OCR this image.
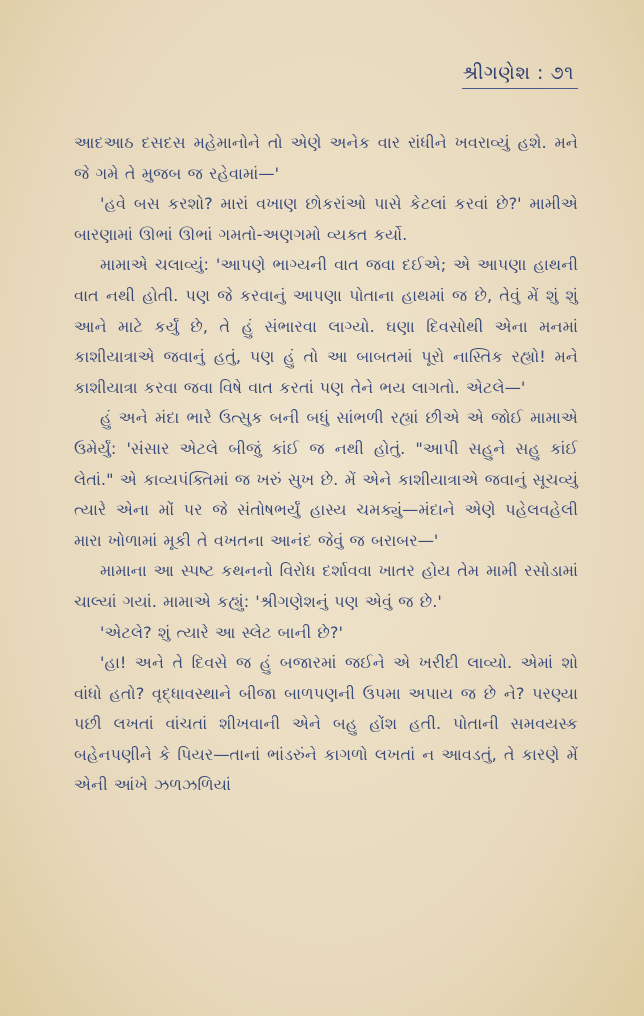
શ્રીગણેશ : ૭૧

આદઆઠ દસદસ મહેમાનોને તો એણે અનેક વાર રાંધીને ખવરાવ્યું હશે. મને જે ગમે તે મુજબ જ રહેવામાં—'

'હવે બસ કરશો? મારાં વખાણ છોકરાંઓ પાસે કેટલાં કરવાં છે?' મામીએ બારણામાં ઊભાં ઊભાં ગમતો-અણગમો વ્યક્ત કર્યો.

મામાએ ચલાવ્યું: 'આપણે ભાગ્યની વાત જવા દઈએ; એ આપણા હાથની વાત નથી હોતી. પણ જે કરવાનું આપણા પોતાના હાથમાં જ છે, તેવું મેં શું શું આને માટે કર્યું છે, તે હું સંભારવા લાગ્યો. ઘણા દિવસોથી એના મનમાં કાશીયાત્રાએ જવાનું હતું, પણ હું તો આ બાબતમાં પૂરો નાસ્તિક રહ્યો! મને કાશીયાત્રા કરવા જવા વિષે વાત કરતાં પણ તેને ભય લાગતો. એટલે—'

હું અને મંદા ભારે ઉત્સુક બની બધું સાંભળી રહ્યાં છીએ એ જોઈ મામાએ ઉમેર્યું: 'સંસાર એટલે બીજું કાંઈ જ નથી હોતું. "આપી સહુને સહુ કાંઈ લેતાં." એ કાવ્યપંક્તિમાં જ ખરું સુખ છે. મેં એને કાશીયાત્રાએ જવાનું સૂચવ્યું ત્યારે એના મોં પર જે સંતોષભર્યું હાસ્ય ચમક્યું—મંદાને એણે પહેલવહેલી મારા ખોળામાં મૂકી તે વખતના આનંદ જેવું જ બરાબર—'

મામાના આ સ્પષ્ટ કથનનો વિરોધ દર્શાવવા ખાતર હોય તેમ મામી રસોડામાં ચાલ્યાં ગયાં. મામાએ કહ્યું: 'શ્રીગણેશનું પણ એવું જ છે.'

'એટલે? શું ત્યારે આ સ્લેટ બાની છે?'

'હા! અને તે દિવસે જ હું બજારમાં જઈને એ ખરીદી લાવ્યો. એમાં શો વાંધો હતો? વૃદ્ધાવસ્થાને બીજા બાળપણની ઉપમા અપાય જ છે ને? પરણ્યા પછી લખતાં વાંચતાં શીખવાની એને બહુ હોંશ હતી. પોતાની સમવયસ્ક બહેનપણીને કે પિયર—તાનાં ભાંડરુંને કાગળો લખતાં ન આવડતું, તે કારણે મેં એની આંખે ઝળઝળિયાં
